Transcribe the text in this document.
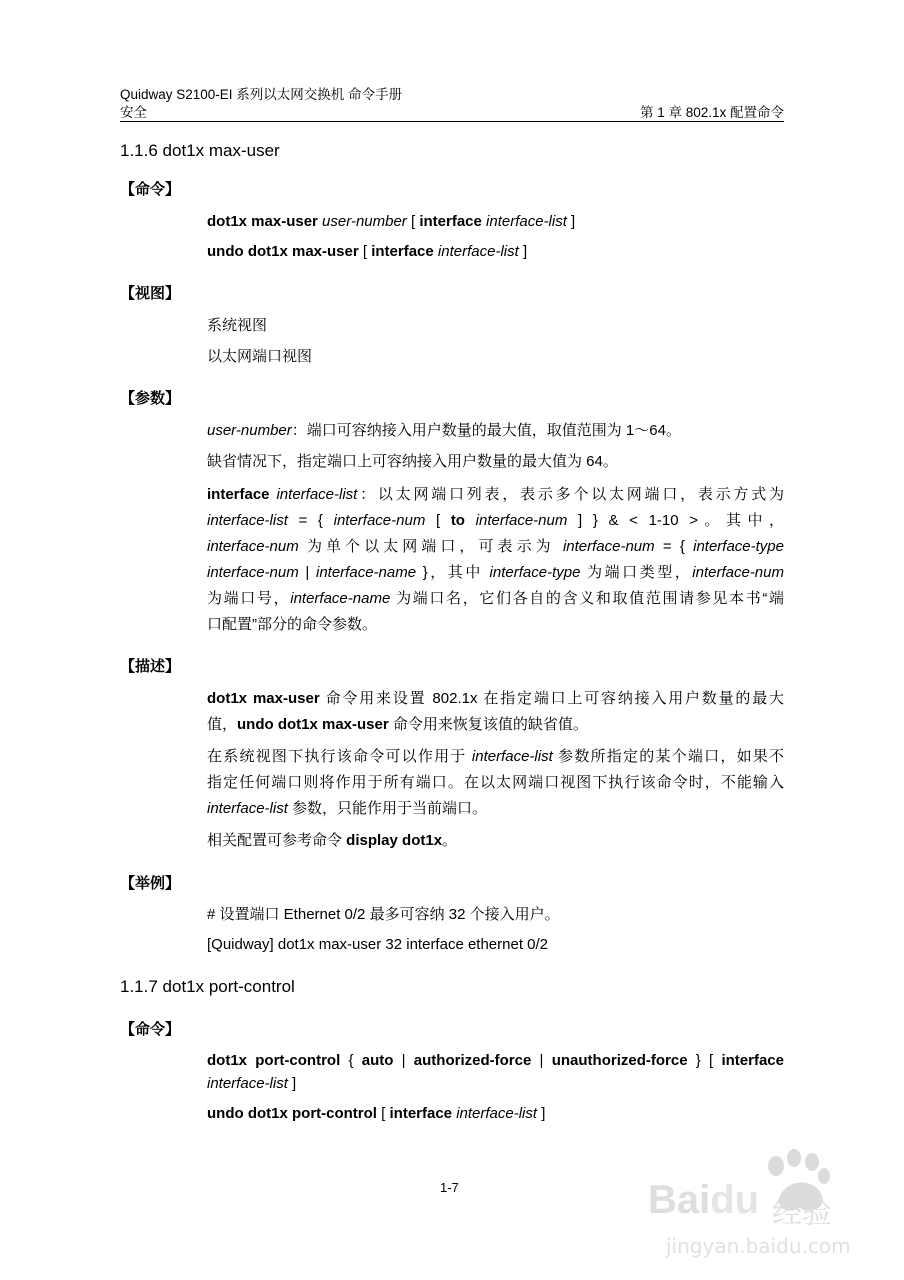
Quidway S2100-EI 系列以太网交换机 命令手册
安全	第 1 章 802.1x 配置命令
1.1.6 dot1x max-user
【命令】
dot1x max-user user-number [ interface interface-list ]
undo dot1x max-user [ interface interface-list ]
【视图】
系统视图
以太网端口视图
【参数】
user-number：端口可容纳接入用户数量的最大值，取值范围为 1～64。
缺省情况下，指定端口上可容纳接入用户数量的最大值为 64。
interface interface-list：以太网端口列表，表示多个以太网端口，表示方式为
interface-list = { interface-num [ to interface-num ] } & < 1-10 >。其中，
interface-num 为单个以太网端口，可表示为 interface-num = { interface-type
interface-num | interface-name }，其中 interface-type 为端口类型，interface-num
为端口号，interface-name 为端口名，它们各自的含义和取值范围请参见本书“端
口配置”部分的命令参数。
【描述】
dot1x max-user 命令用来设置 802.1x 在指定端口上可容纳接入用户数量的最大
值，undo dot1x max-user 命令用来恢复该值的缺省值。
在系统视图下执行该命令可以作用于 interface-list 参数所指定的某个端口，如果不
指定任何端口则将作用于所有端口。在以太网端口视图下执行该命令时，不能输入
interface-list 参数，只能作用于当前端口。
相关配置可参考命令 display dot1x。
【举例】
# 设置端口 Ethernet 0/2 最多可容纳 32 个接入用户。
[Quidway] dot1x max-user 32 interface ethernet 0/2
1.1.7 dot1x port-control
【命令】
dot1x port-control { auto | authorized-force | unauthorized-force } [ interface
interface-list ]
undo dot1x port-control [ interface interface-list ]
1-7	Baidu 经验
jingyan.baidu.com
